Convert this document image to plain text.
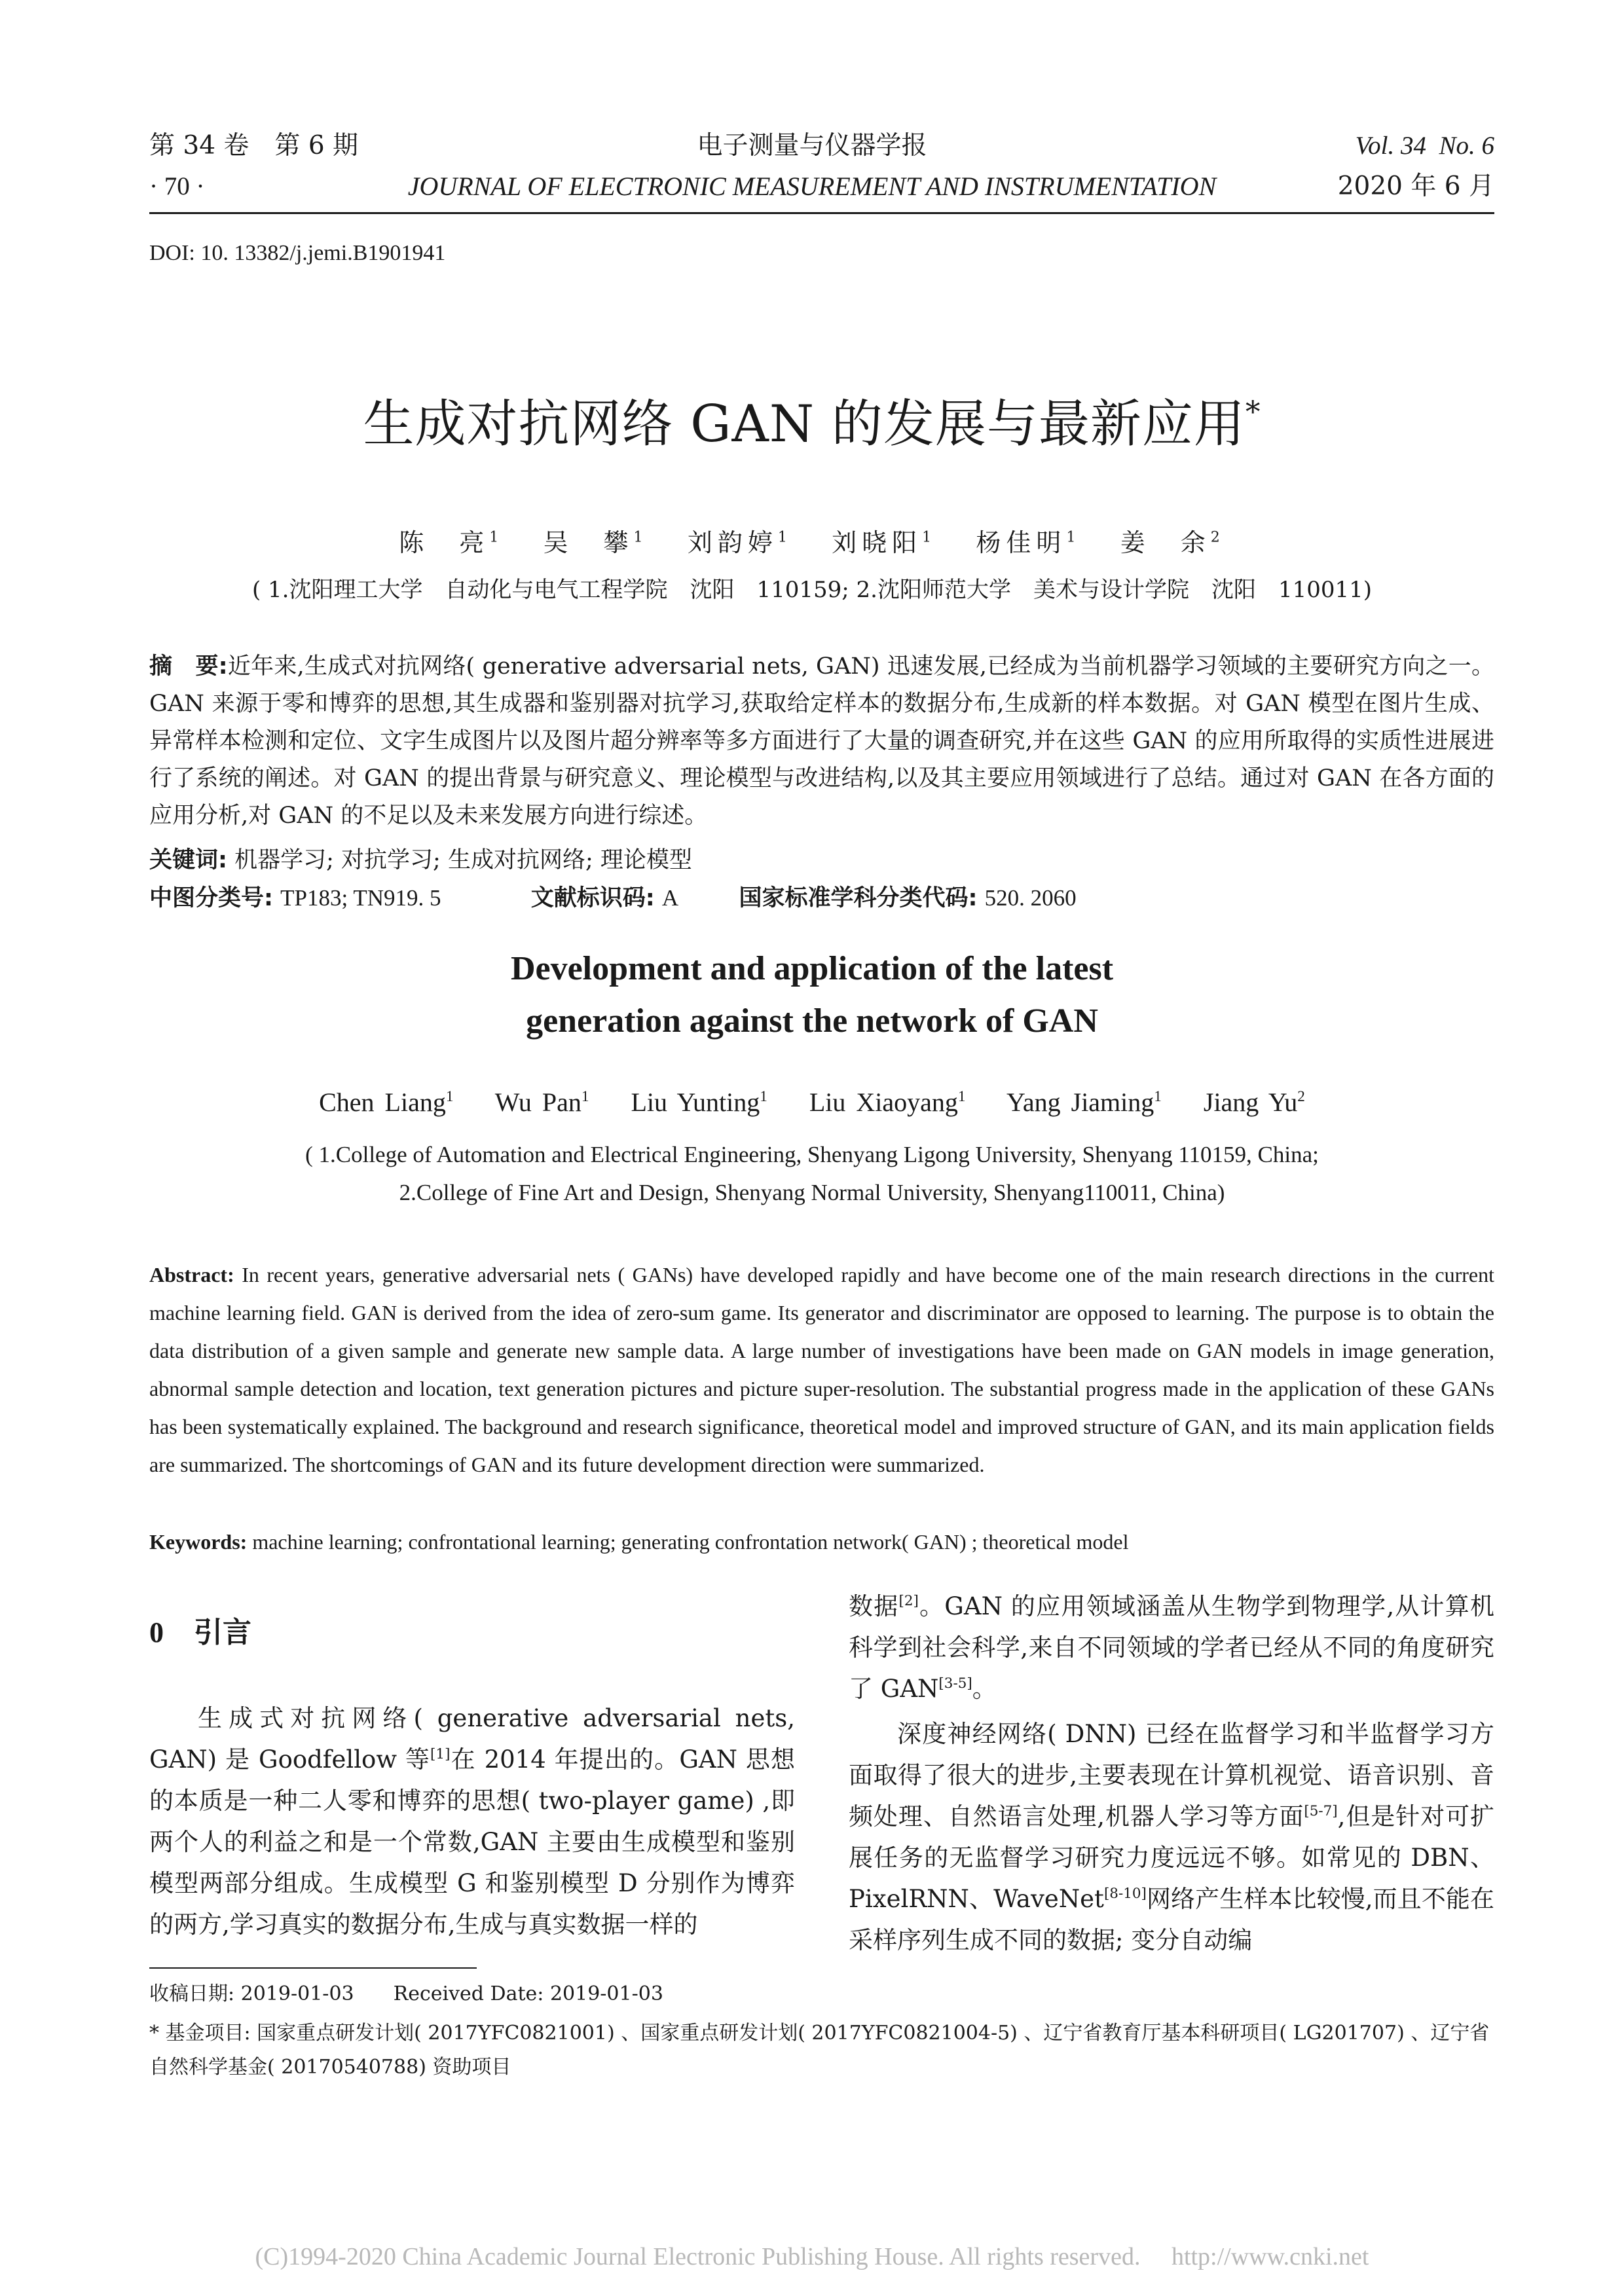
第 34 卷　第 6 期
· 70 ·
电子测量与仪器学报
JOURNAL OF ELECTRONIC MEASUREMENT AND INSTRUMENTATION
Vol. 34 No. 6
2020 年 6 月
DOI: 10. 13382/j.jemi.B1901941
生成对抗网络 GAN 的发展与最新应用*
陈　亮$^1$ 吴　攀$^1$ 刘韵婷$^1$ 刘晓阳$^1$ 杨佳明$^1$ 姜　余$^2$
( 1.沈阳理工大学　自动化与电气工程学院　沈阳　110159; 2.沈阳师范大学　美术与设计学院　沈阳　110011)
摘　要:近年来,生成式对抗网络( generative adversarial nets, GAN) 迅速发展,已经成为当前机器学习领域的主要研究方向之一。GAN 来源于零和博弈的思想,其生成器和鉴别器对抗学习,获取给定样本的数据分布,生成新的样本数据。对 GAN 模型在图片生成、异常样本检测和定位、文字生成图片以及图片超分辨率等多方面进行了大量的调查研究,并在这些 GAN 的应用所取得的实质性进展进行了系统的阐述。对 GAN 的提出背景与研究意义、理论模型与改进结构,以及其主要应用领域进行了总结。通过对 GAN 在各方面的应用分析,对 GAN 的不足以及未来发展方向进行综述。
关键词: 机器学习; 对抗学习; 生成对抗网络; 理论模型
中图分类号: TP183; TN919. 5	文献标识码: A	国家标准学科分类代码: 520. 2060
Development and application of the latest
generation against the network of GAN
Chen Liang$^1$ Wu Pan$^1$ Liu Yunting$^1$ Liu Xiaoyang$^1$ Yang Jiaming$^1$ Jiang Yu$^2$
( 1.College of Automation and Electrical Engineering, Shenyang Ligong University, Shenyang 110159, China;
2.College of Fine Art and Design, Shenyang Normal University, Shenyang110011, China)
Abstract: In recent years, generative adversarial nets ( GANs) have developed rapidly and have become one of the main research directions in the current machine learning field. GAN is derived from the idea of zero-sum game. Its generator and discriminator are opposed to learning. The purpose is to obtain the data distribution of a given sample and generate new sample data. A large number of investigations have been made on GAN models in image generation, abnormal sample detection and location, text generation pictures and picture super-resolution. The substantial progress made in the application of these GANs has been systematically explained. The background and research significance, theoretical model and improved structure of GAN, and its main application fields are summarized. The shortcomings of GAN and its future development direction were summarized.
Keywords: machine learning; confrontational learning; generating confrontation network( GAN) ; theoretical model

0 引言

生成式对抗网络( generative adversarial nets, GAN) 是 Goodfellow 等[1]在 2014 年提出的。GAN 思想的本质是一种二人零和博弈的思想( two-player game) ,即两个人的利益之和是一个常数,GAN 主要由生成模型和鉴别模型两部分组成。生成模型 G 和鉴别模型 D 分别作为博弈的两方,学习真实的数据分布,生成与真实数据一样的

数据[2]。GAN 的应用领域涵盖从生物学到物理学,从计算机科学到社会科学,来自不同领域的学者已经从不同的角度研究了 GAN[3-5]。

深度神经网络( DNN) 已经在监督学习和半监督学习方面取得了很大的进步,主要表现在计算机视觉、语音识别、音频处理、自然语言处理,机器人学习等方面[5-7],但是针对可扩展任务的无监督学习研究力度远远不够。如常见的 DBN、PixelRNN、WaveNet[8-10]网络产生样本比较慢,而且不能在采样序列生成不同的数据; 变分自动编

收稿日期: 2019-01-03　　Received Date: 2019-01-03
* 基金项目: 国家重点研发计划( 2017YFC0821001) 、国家重点研发计划( 2017YFC0821004-5) 、辽宁省教育厅基本科研项目( LG201707) 、辽宁省
自然科学基金( 20170540788) 资助项目
(C)1994-2020 China Academic Journal Electronic Publishing House. All rights reserved.　 http://www.cnki.net
